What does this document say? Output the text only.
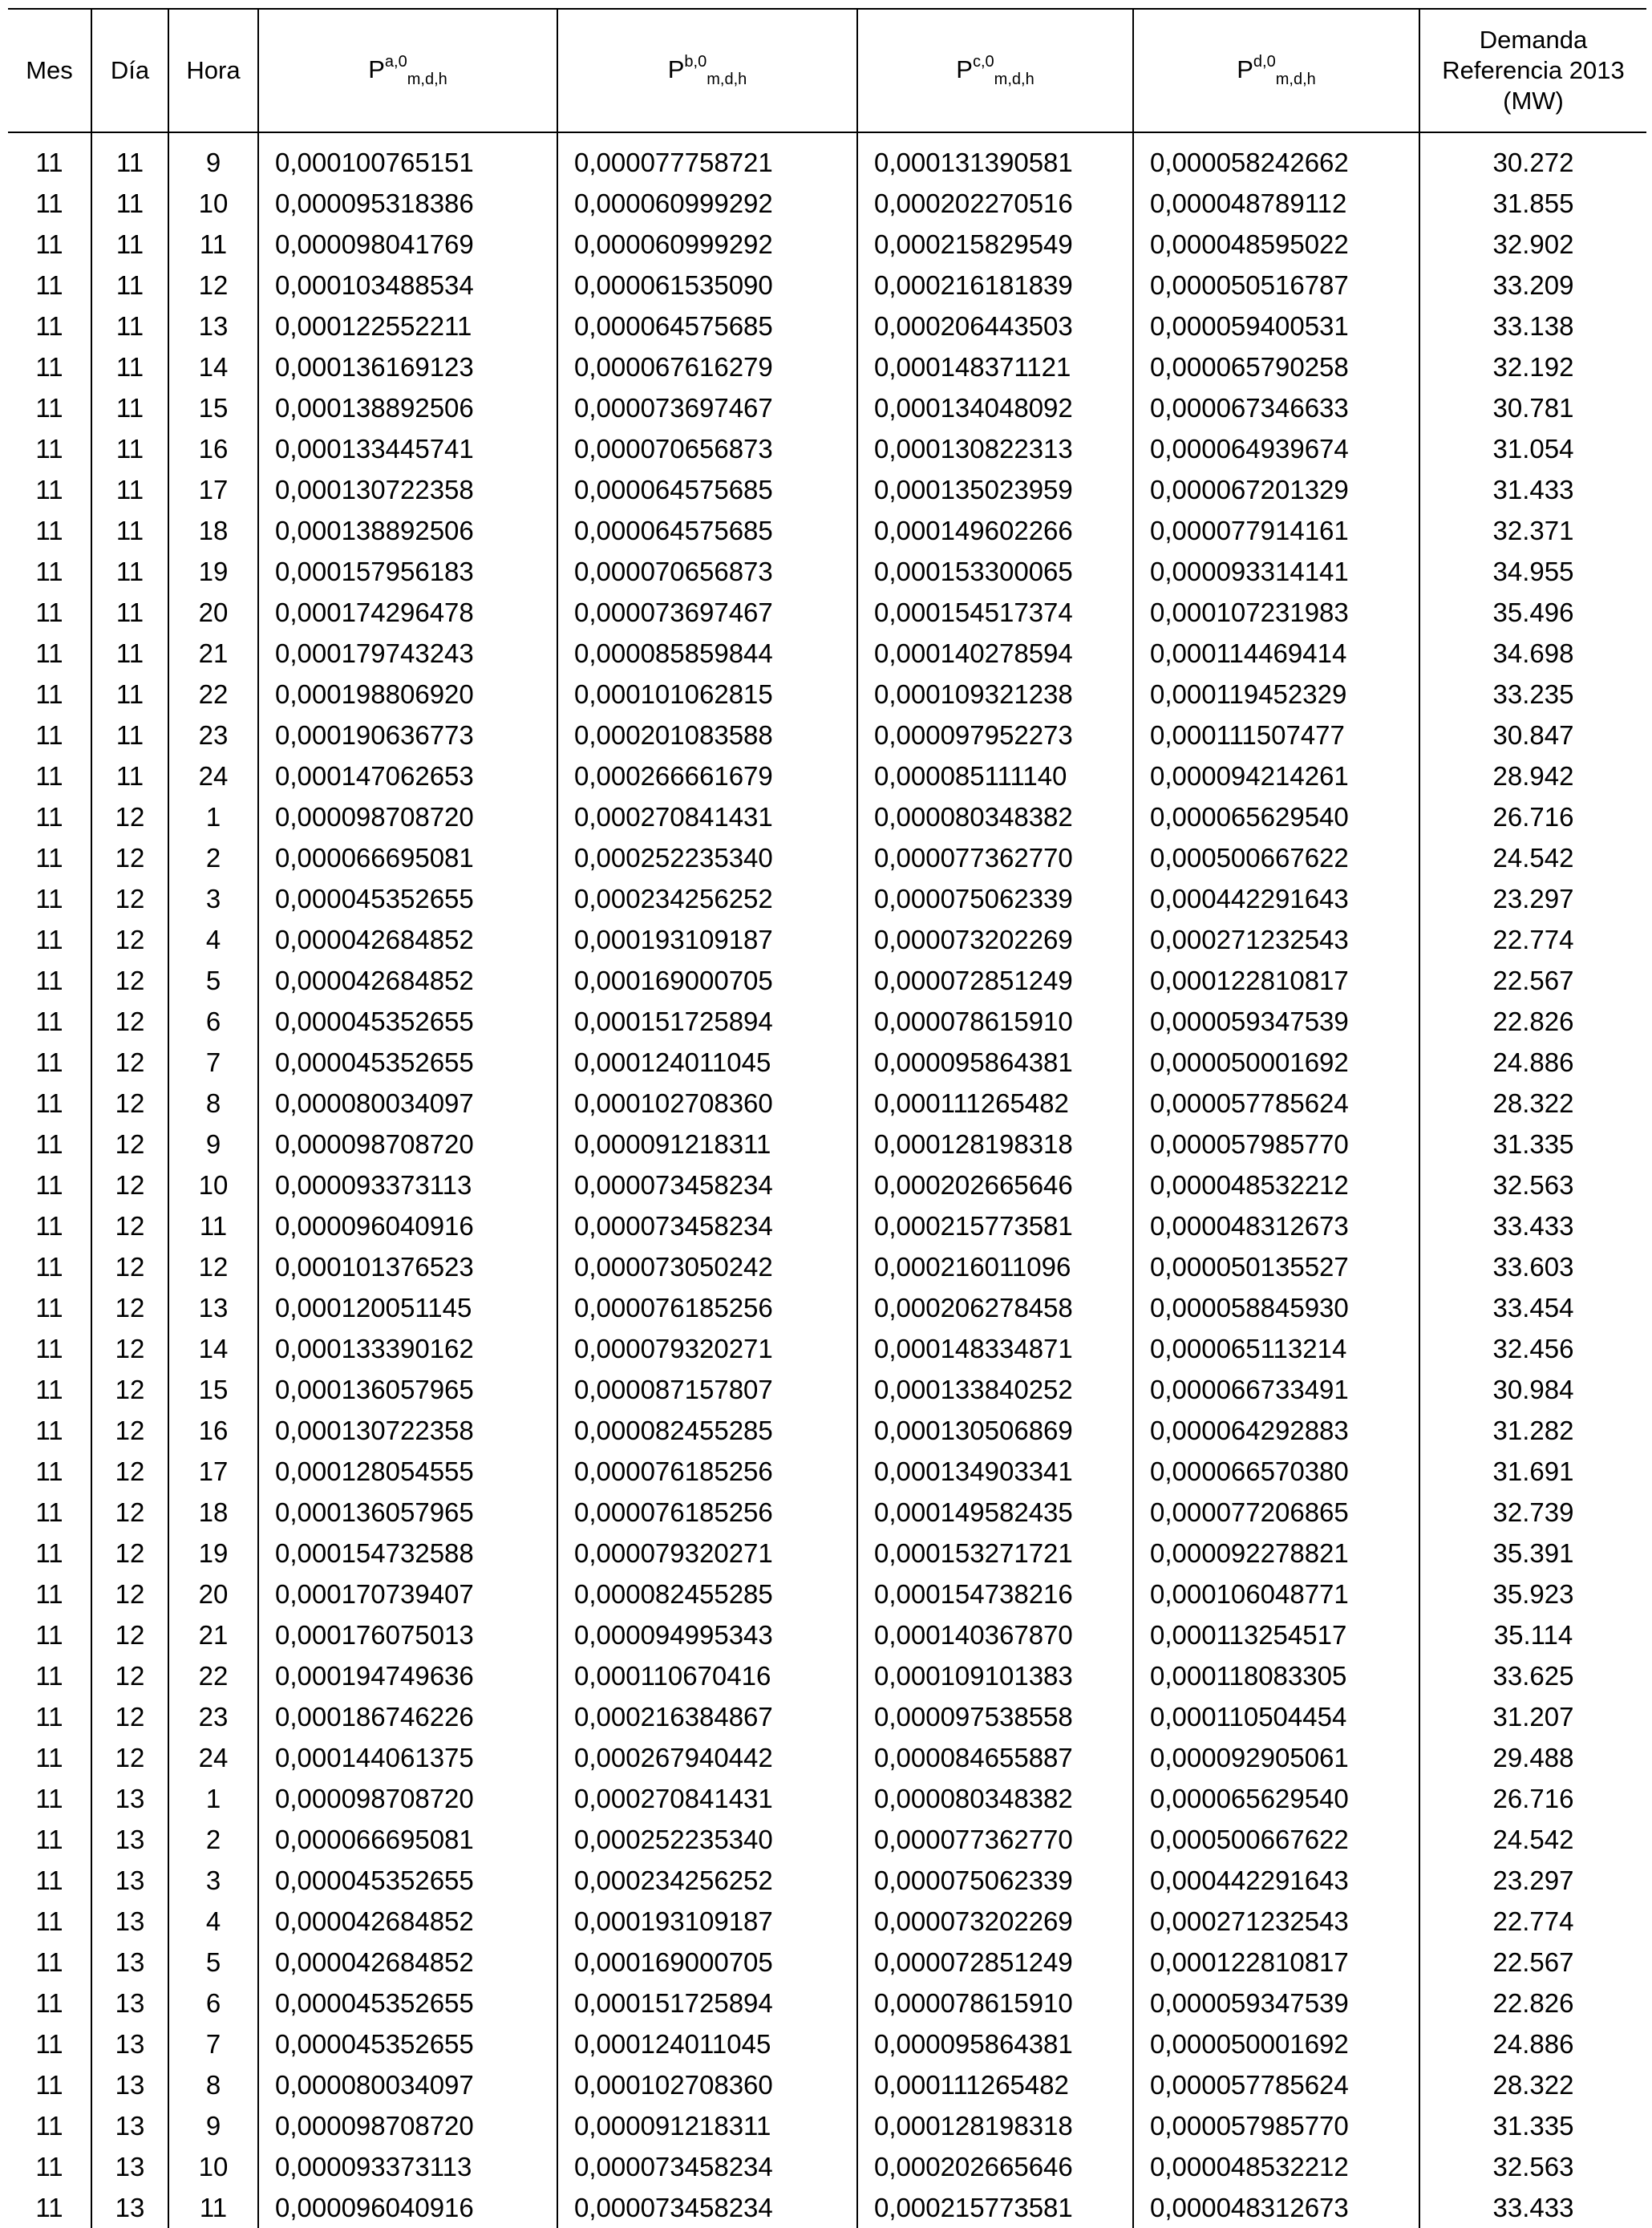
Mes	Día	Hora	P$^{a,0}_{m,d,h}$	P$^{b,0}_{m,d,h}$	P$^{c,0}_{m,d,h}$	P$^{d,0}_{m,d,h}$	Demanda
Referencia 2013
(MW)

11	11	9	0,000100765151	0,000077758721	0,000131390581	0,000058242662	30.272
11	11	10	0,000095318386	0,000060999292	0,000202270516	0,000048789112	31.855
11	11	11	0,000098041769	0,000060999292	0,000215829549	0,000048595022	32.902
11	11	12	0,000103488534	0,000061535090	0,000216181839	0,000050516787	33.209
11	11	13	0,000122552211	0,000064575685	0,000206443503	0,000059400531	33.138
11	11	14	0,000136169123	0,000067616279	0,000148371121	0,000065790258	32.192
11	11	15	0,000138892506	0,000073697467	0,000134048092	0,000067346633	30.781
11	11	16	0,000133445741	0,000070656873	0,000130822313	0,000064939674	31.054
11	11	17	0,000130722358	0,000064575685	0,000135023959	0,000067201329	31.433
11	11	18	0,000138892506	0,000064575685	0,000149602266	0,000077914161	32.371
11	11	19	0,000157956183	0,000070656873	0,000153300065	0,000093314141	34.955
11	11	20	0,000174296478	0,000073697467	0,000154517374	0,000107231983	35.496
11	11	21	0,000179743243	0,000085859844	0,000140278594	0,000114469414	34.698
11	11	22	0,000198806920	0,000101062815	0,000109321238	0,000119452329	33.235
11	11	23	0,000190636773	0,000201083588	0,000097952273	0,000111507477	30.847
11	11	24	0,000147062653	0,000266661679	0,000085111140	0,000094214261	28.942
11	12	1	0,000098708720	0,000270841431	0,000080348382	0,000065629540	26.716
11	12	2	0,000066695081	0,000252235340	0,000077362770	0,000500667622	24.542
11	12	3	0,000045352655	0,000234256252	0,000075062339	0,000442291643	23.297
11	12	4	0,000042684852	0,000193109187	0,000073202269	0,000271232543	22.774
11	12	5	0,000042684852	0,000169000705	0,000072851249	0,000122810817	22.567
11	12	6	0,000045352655	0,000151725894	0,000078615910	0,000059347539	22.826
11	12	7	0,000045352655	0,000124011045	0,000095864381	0,000050001692	24.886
11	12	8	0,000080034097	0,000102708360	0,000111265482	0,000057785624	28.322
11	12	9	0,000098708720	0,000091218311	0,000128198318	0,000057985770	31.335
11	12	10	0,000093373113	0,000073458234	0,000202665646	0,000048532212	32.563
11	12	11	0,000096040916	0,000073458234	0,000215773581	0,000048312673	33.433
11	12	12	0,000101376523	0,000073050242	0,000216011096	0,000050135527	33.603
11	12	13	0,000120051145	0,000076185256	0,000206278458	0,000058845930	33.454
11	12	14	0,000133390162	0,000079320271	0,000148334871	0,000065113214	32.456
11	12	15	0,000136057965	0,000087157807	0,000133840252	0,000066733491	30.984
11	12	16	0,000130722358	0,000082455285	0,000130506869	0,000064292883	31.282
11	12	17	0,000128054555	0,000076185256	0,000134903341	0,000066570380	31.691
11	12	18	0,000136057965	0,000076185256	0,000149582435	0,000077206865	32.739
11	12	19	0,000154732588	0,000079320271	0,000153271721	0,000092278821	35.391
11	12	20	0,000170739407	0,000082455285	0,000154738216	0,000106048771	35.923
11	12	21	0,000176075013	0,000094995343	0,000140367870	0,000113254517	35.114
11	12	22	0,000194749636	0,000110670416	0,000109101383	0,000118083305	33.625
11	12	23	0,000186746226	0,000216384867	0,000097538558	0,000110504454	31.207
11	12	24	0,000144061375	0,000267940442	0,000084655887	0,000092905061	29.488
11	13	1	0,000098708720	0,000270841431	0,000080348382	0,000065629540	26.716
11	13	2	0,000066695081	0,000252235340	0,000077362770	0,000500667622	24.542
11	13	3	0,000045352655	0,000234256252	0,000075062339	0,000442291643	23.297
11	13	4	0,000042684852	0,000193109187	0,000073202269	0,000271232543	22.774
11	13	5	0,000042684852	0,000169000705	0,000072851249	0,000122810817	22.567
11	13	6	0,000045352655	0,000151725894	0,000078615910	0,000059347539	22.826
11	13	7	0,000045352655	0,000124011045	0,000095864381	0,000050001692	24.886
11	13	8	0,000080034097	0,000102708360	0,000111265482	0,000057785624	28.322
11	13	9	0,000098708720	0,000091218311	0,000128198318	0,000057985770	31.335
11	13	10	0,000093373113	0,000073458234	0,000202665646	0,000048532212	32.563
11	13	11	0,000096040916	0,000073458234	0,000215773581	0,000048312673	33.433
